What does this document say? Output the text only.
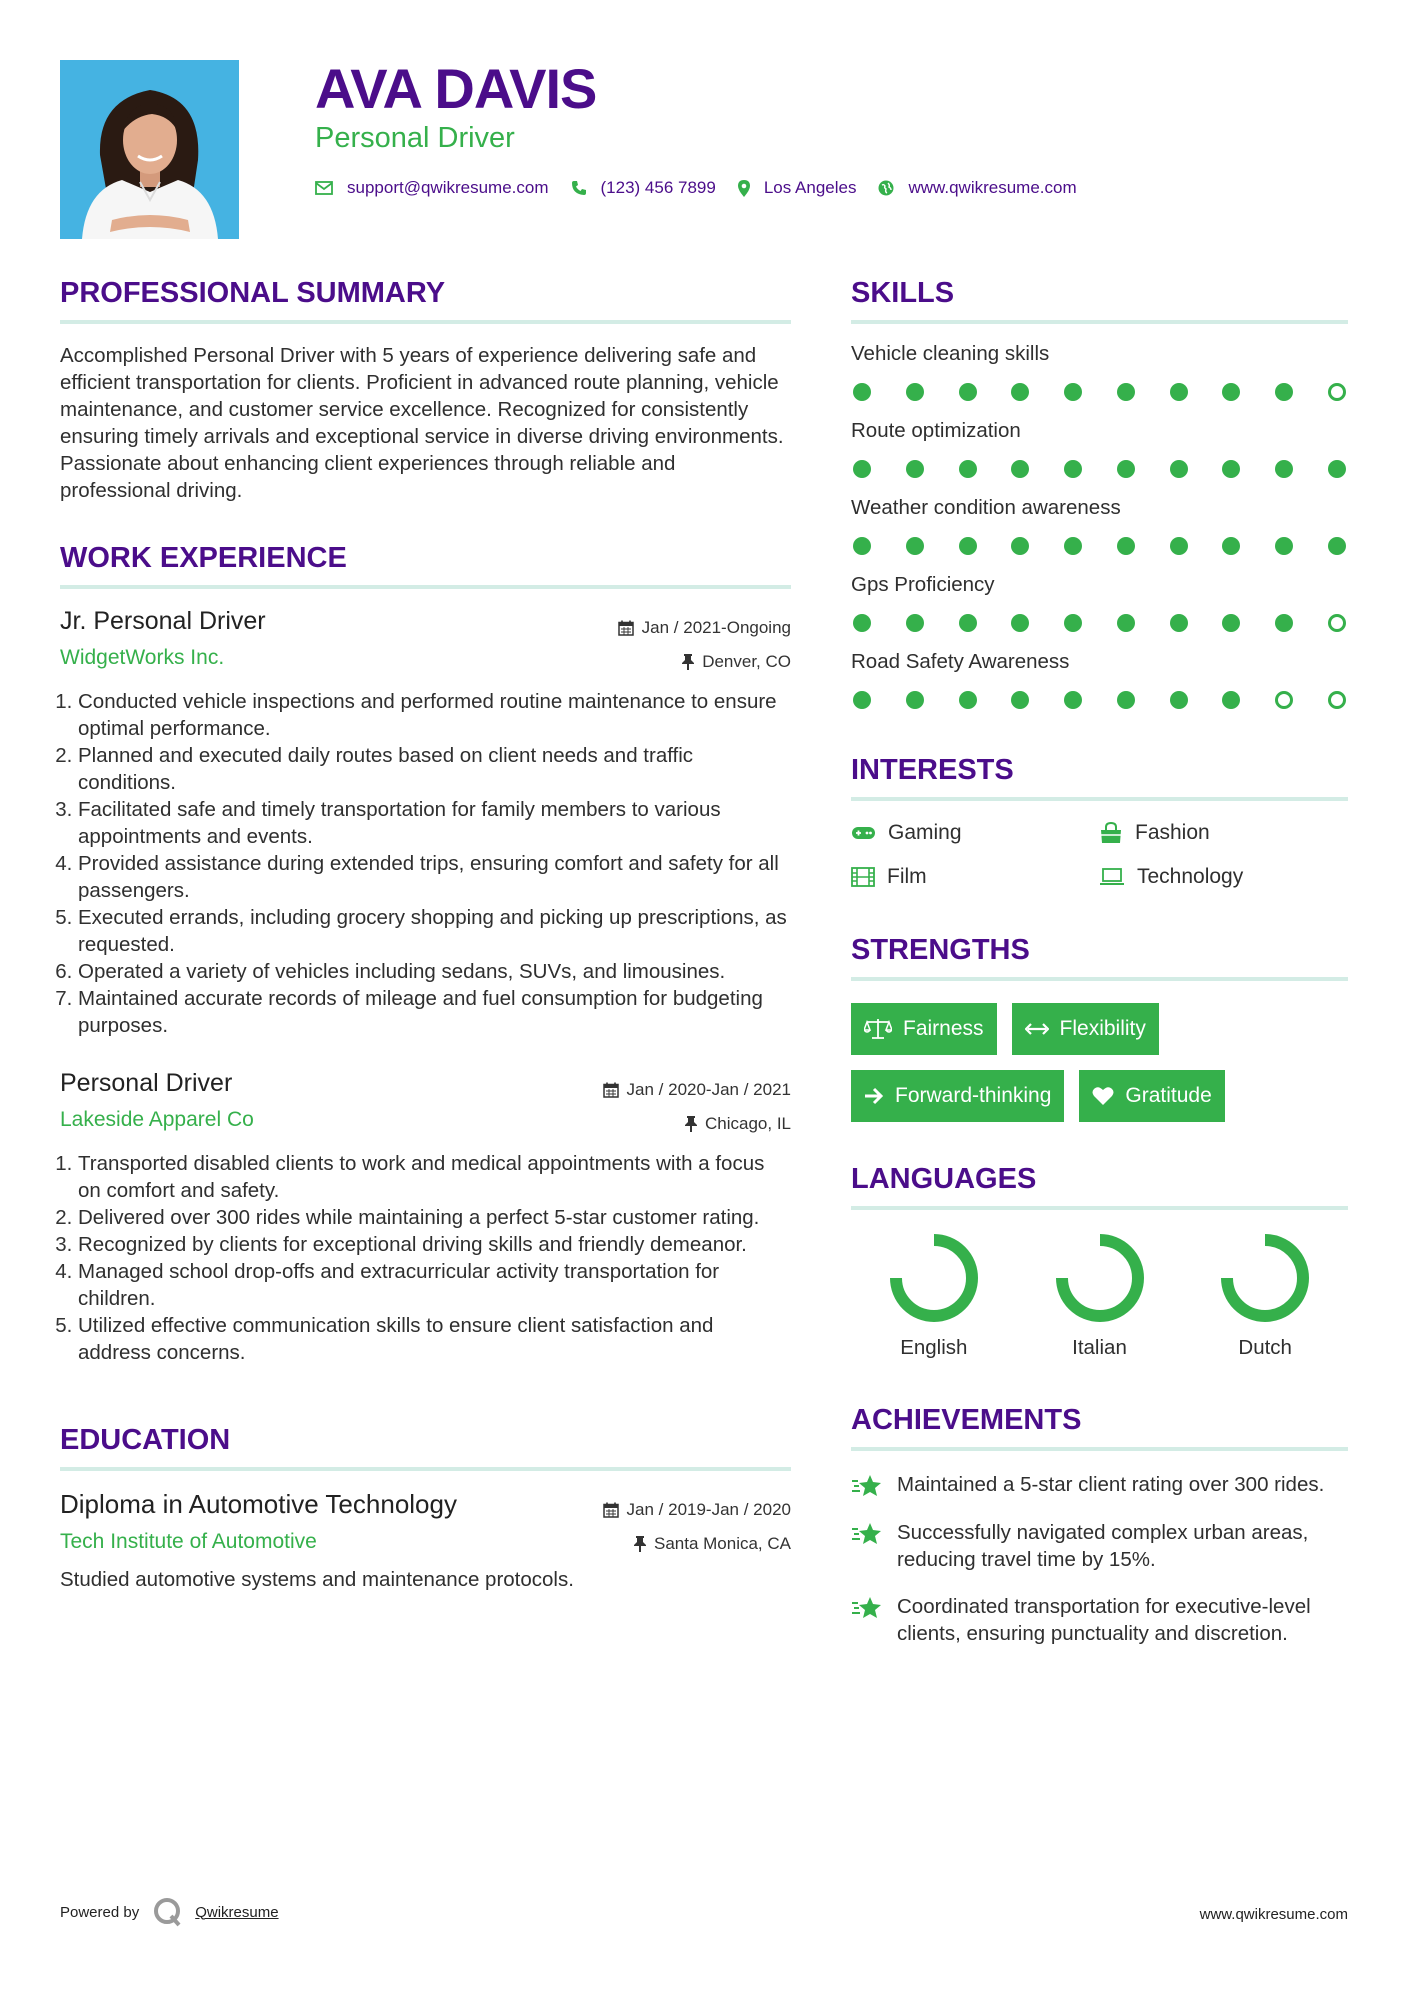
AVA DAVIS
Personal Driver
support@qwikresume.com	(123) 456 7899	Los Angeles	www.qwikresume.com
PROFESSIONAL SUMMARY
Accomplished Personal Driver with 5 years of experience delivering safe and efficient transportation for clients. Proficient in advanced route planning, vehicle maintenance, and customer service excellence. Recognized for consistently ensuring timely arrivals and exceptional service in diverse driving environments. Passionate about enhancing client experiences through reliable and professional driving.
WORK EXPERIENCE
Jr. Personal Driver	Jan / 2021-Ongoing
Denver, CO
WidgetWorks Inc.
1. Conducted vehicle inspections and performed routine maintenance to ensure optimal performance.
2. Planned and executed daily routes based on client needs and traffic conditions.
3. Facilitated safe and timely transportation for family members to various appointments and events.
4. Provided assistance during extended trips, ensuring comfort and safety for all passengers.
5. Executed errands, including grocery shopping and picking up prescriptions, as requested.
6. Operated a variety of vehicles including sedans, SUVs, and limousines.
7. Maintained accurate records of mileage and fuel consumption for budgeting purposes.
Personal Driver	Jan / 2020-Jan / 2021
Chicago, IL
Lakeside Apparel Co
1. Transported disabled clients to work and medical appointments with a focus on comfort and safety.
2. Delivered over 300 rides while maintaining a perfect 5-star customer rating.
3. Recognized by clients for exceptional driving skills and friendly demeanor.
4. Managed school drop-offs and extracurricular activity transportation for children.
5. Utilized effective communication skills to ensure client satisfaction and address concerns.
EDUCATION
Diploma in Automotive Technology	Jan / 2019-Jan / 2020
Santa Monica, CA
Tech Institute of Automotive
Studied automotive systems and maintenance protocols.
SKILLS
Vehicle cleaning skills
Route optimization
Weather condition awareness
Gps Proficiency
Road Safety Awareness
INTERESTS
Gaming	Fashion
Film	Technology
STRENGTHS
Fairness	Flexibility
Forward-thinking	Gratitude
LANGUAGES
English	Italian	Dutch
ACHIEVEMENTS
Maintained a 5-star client rating over 300 rides.
Successfully navigated complex urban areas, reducing travel time by 15%.
Coordinated transportation for executive-level clients, ensuring punctuality and discretion.
Powered by	Qwikresume	www.qwikresume.com
